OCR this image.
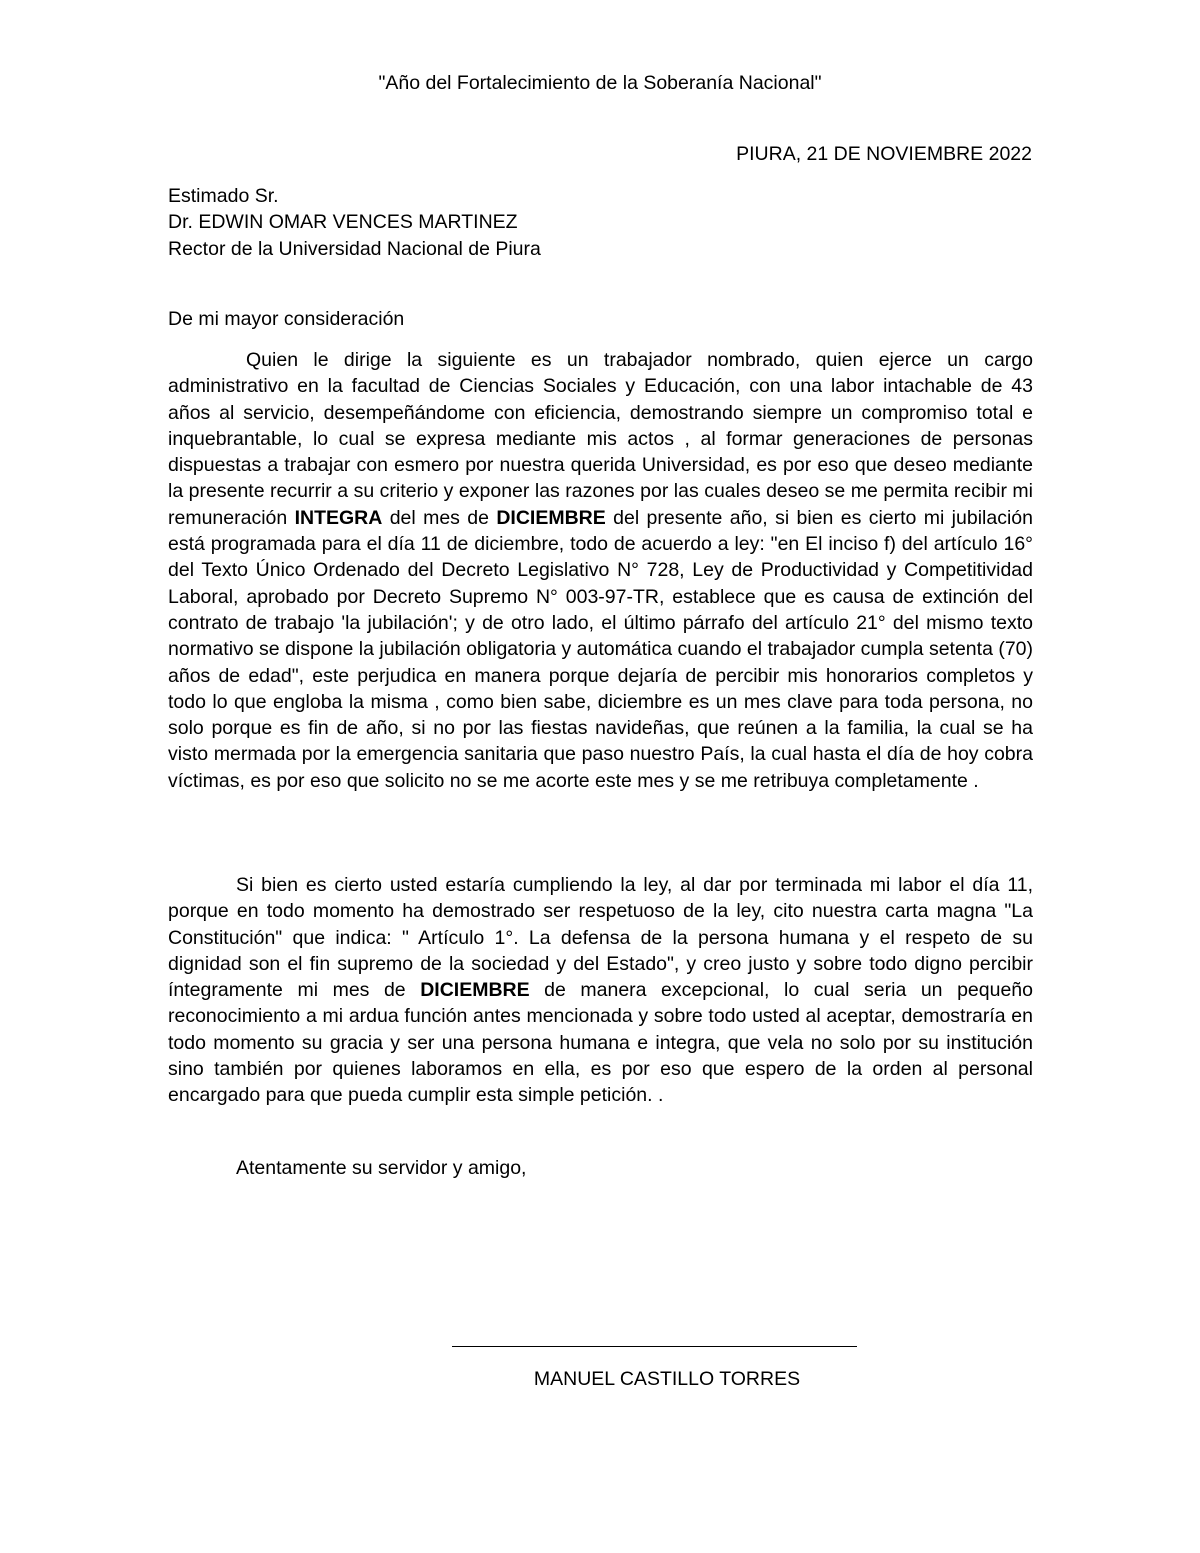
"Año del Fortalecimiento de la Soberanía Nacional"
PIURA, 21 DE NOVIEMBRE 2022
Estimado Sr.
Dr. EDWIN OMAR VENCES MARTINEZ
Rector de la Universidad Nacional de Piura
De mi mayor consideración

Quien le dirige la siguiente es un trabajador nombrado, quien ejerce un cargo administrativo en la facultad de Ciencias Sociales y Educación, con una labor intachable de 43 años al servicio, desempeñándome con eficiencia, demostrando siempre un compromiso total e inquebrantable, lo cual se expresa mediante mis actos , al formar generaciones de personas dispuestas a trabajar con esmero por nuestra querida Universidad, es por eso que deseo mediante la presente recurrir a su criterio y exponer las razones por las cuales deseo se me permita recibir mi remuneración INTEGRA del mes de DICIEMBRE del presente año, si bien es cierto mi jubilación está programada para el día 11 de diciembre, todo de acuerdo a ley: "en El inciso f) del artículo 16° del Texto Único Ordenado del Decreto Legislativo N° 728, Ley de Productividad y Competitividad Laboral, aprobado por Decreto Supremo N° 003-97-TR, establece que es causa de extinción del contrato de trabajo 'la jubilación'; y de otro lado, el último párrafo del artículo 21° del mismo texto normativo se dispone la jubilación obligatoria y automática cuando el trabajador cumpla setenta (70) años de edad", este perjudica en manera porque dejaría de percibir mis honorarios completos y todo lo que engloba la misma , como bien sabe, diciembre es un mes clave para toda persona, no solo porque es fin de año, si no por las fiestas navideñas, que reúnen a la familia, la cual se ha visto mermada por la emergencia sanitaria que paso nuestro País, la cual hasta el día de hoy cobra víctimas, es por eso que solicito no se me acorte este mes y se me retribuya completamente .

Si bien es cierto usted estaría cumpliendo la ley, al dar por terminada mi labor el día 11, porque en todo momento ha demostrado ser respetuoso de la ley, cito nuestra carta magna "La Constitución" que indica: " Artículo 1°. La defensa de la persona humana y el respeto de su dignidad son el fin supremo de la sociedad y del Estado", y creo justo y sobre todo digno percibir íntegramente mi mes de DICIEMBRE de manera excepcional, lo cual seria un pequeño reconocimiento a mi ardua función antes mencionada y sobre todo usted al aceptar, demostraría en todo momento su gracia y ser una persona humana e integra, que vela no solo por su institución sino también por quienes laboramos en ella, es por eso que espero de la orden al personal encargado para que pueda cumplir esta simple petición. .

Atentamente su servidor y amigo,
MANUEL CASTILLO TORRES
